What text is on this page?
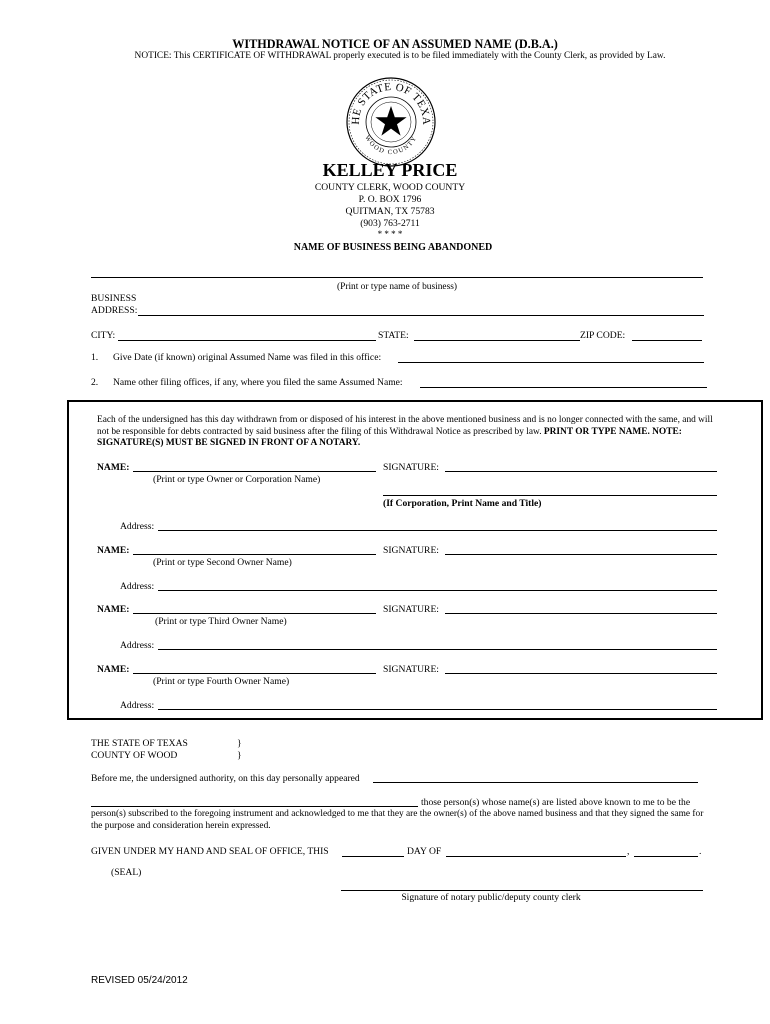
WITHDRAWAL NOTICE OF AN ASSUMED NAME (D.B.A.)
NOTICE: This CERTIFICATE OF WITHDRAWAL properly executed is to be filed immediately with the County Clerk, as provided by Law.
HE STATE OF TEXA
WOOD COUNTY
KELLEY PRICE
COUNTY CLERK, WOOD COUNTY
P. O. BOX 1796
QUITMAN, TX 75783
(903) 763-2711
* * * *
NAME OF BUSINESS BEING ABANDONED
(Print or type name of business)
BUSINESS
ADDRESS:
CITY:	STATE:	ZIP CODE:
1. Give Date (if known) original Assumed Name was filed in this office:
2. Name other filing offices, if any, where you filed the same Assumed Name:
Each of the undersigned has this day withdrawn from or disposed of his interest in the above mentioned business and is no longer connected with the same, and will not be responsible for debts contracted by said business after the filing of this Withdrawal Notice as prescribed by law. PRINT OR TYPE NAME. NOTE: SIGNATURE(S) MUST BE SIGNED IN FRONT OF A NOTARY.
NAME:	SIGNATURE:
(Print or type Owner or Corporation Name)
(If Corporation, Print Name and Title)
Address:
NAME:	SIGNATURE:
(Print or type Second Owner Name)
Address:
NAME:	SIGNATURE:
(Print or type Third Owner Name)
Address:
NAME:	SIGNATURE:
(Print or type Fourth Owner Name)
Address:
THE STATE OF TEXAS	}
COUNTY OF WOOD	}
Before me, the undersigned authority, on this day personally appeared
those person(s) whose name(s) are listed above known to me to be the
person(s) subscribed to the foregoing instrument and acknowledged to me that they are the owner(s) of the above named business and that they signed the same for the purpose and consideration herein expressed.
GIVEN UNDER MY HAND AND SEAL OF OFFICE, THIS	DAY OF	,	.
(SEAL)
Signature of notary public/deputy county clerk
REVISED 05/24/2012
